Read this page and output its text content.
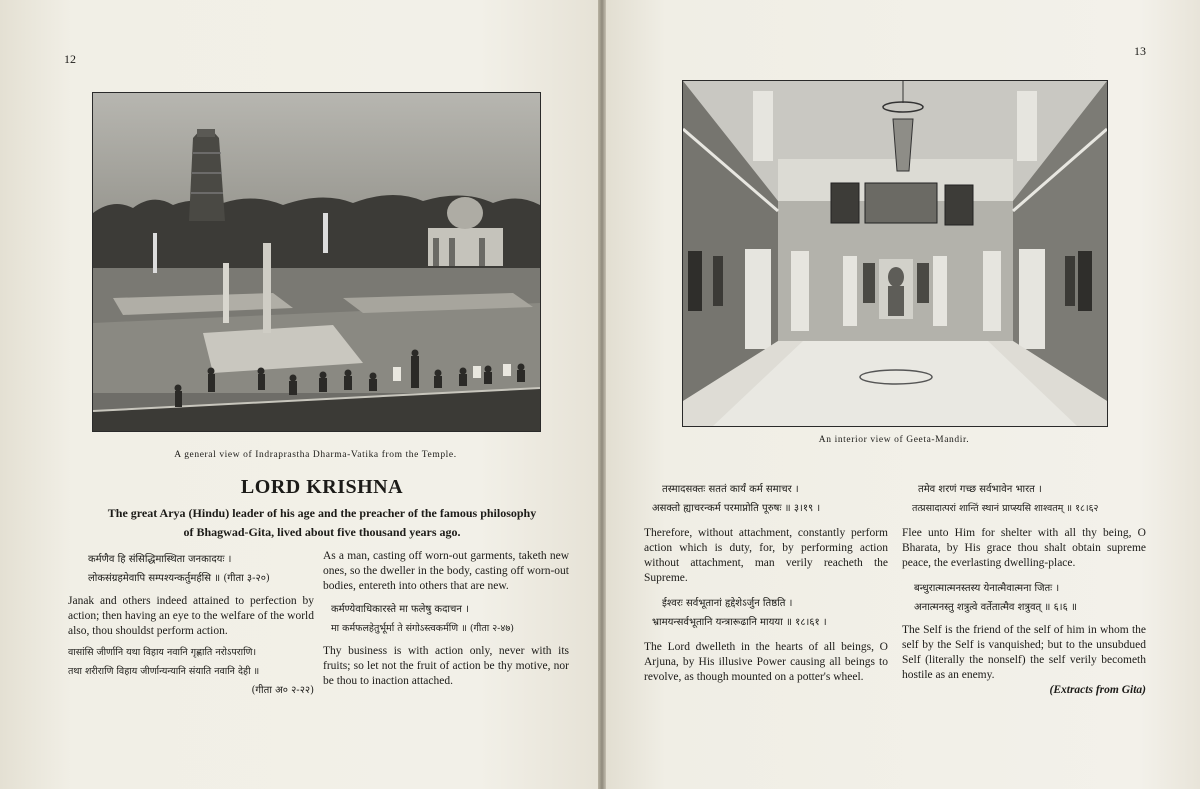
12
A general view of Indraprastha Dharma-Vatika from the Temple.
LORD KRISHNA
The great Arya (Hindu) leader of his age and the preacher of the famous philosophy
of Bhagwad-Gita, lived about five thousand years ago.
कर्मणैव हि संसिद्धिमास्थिता जनकादयः ।
लोकसंग्रहमेवापि सम्पश्यन्कर्तुमर्हसि ॥ (गीता ३-२०)
Janak and others indeed attained to perfection by action; then having an eye to the welfare of the world also, thou shouldst perform action.
वासांसि जीर्णानि यथा विहाय नवानि गृह्णाति नरोऽपराणि।
तथा शरीराणि विहाय जीर्णान्यन्यानि संयाति नवानि देही ॥
(गीता अ० २-२२)
As a man, casting off worn-out garments, taketh new ones, so the dweller in the body, casting off worn-out bodies, entereth into others that are new.
कर्मण्येवाधिकारस्ते मा फलेषु कदाचन ।
मा कर्मफलहेतुर्भूर्मा ते संगोऽस्त्वकर्मणि ॥ (गीता २-४७)
Thy business is with action only, never with its fruits; so let not the fruit of action be thy motive, nor be thou to inaction attached.
13
An interior view of Geeta-Mandir.
तस्मादसक्तः सततं कार्यं कर्म समाचर ।
असक्तो ह्याचरन्कर्म परमाप्नोति पूरुषः ॥ ३।१९ ।
Therefore, without attachment, constantly perform action which is duty, for, by performing action without attachment, man verily reacheth the Supreme.
ईश्वरः सर्वभूतानां हृद्देशेऽर्जुन तिष्ठति ।
भ्रामयन्सर्वभूतानि यन्त्रारूढानि मायया ॥ १८।६१ ।
The Lord dwelleth in the hearts of all beings, O Arjuna, by His illusive Power causing all beings to revolve, as though mounted on a potter's wheel.
तमेव शरणं गच्छ सर्वभावेन भारत ।
तत्प्रसादात्परां शान्तिं स्थानं प्राप्स्यसि शाश्वतम् ॥ १८।६२
Flee unto Him for shelter with all thy being, O Bharata, by His grace thou shalt obtain supreme peace, the everlasting dwelling-place.
बन्धुरात्मात्मनस्तस्य येनात्मैवात्मना जितः ।
अनात्मनस्तु शत्रुत्वे वर्तेतात्मैव शत्रुवत् ॥ ६।६ ॥
The Self is the friend of the self of him in whom the self by the Self is vanquished; but to the unsubdued Self (literally the nonself) the self verily becometh hostile as an enemy.
(Extracts from Gita)
